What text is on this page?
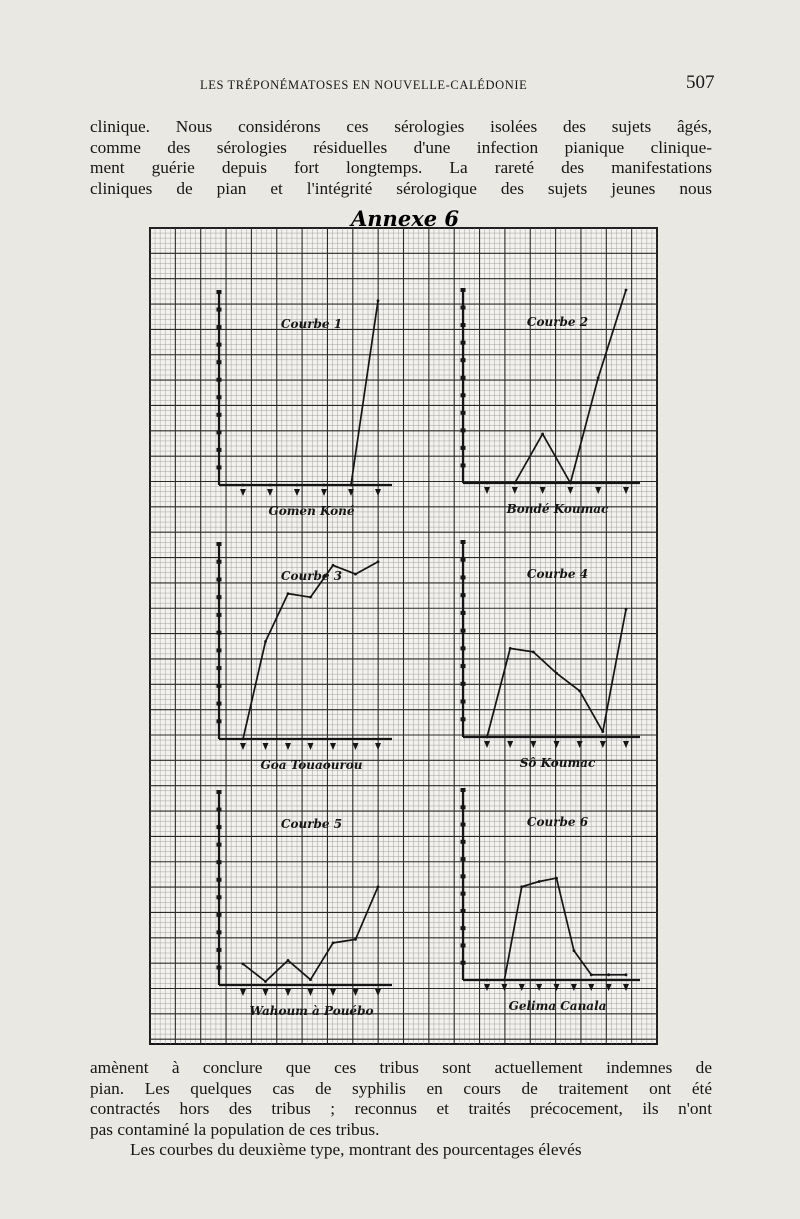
LES TRÉPONÉMATOSES EN NOUVELLE-CALÉDONIE	507

clinique. Nous considérons ces sérologies isolées des sujets âgés,
comme des sérologies résiduelles d'une infection pianique clinique-
ment guérie depuis fort longtemps. La rareté des manifestations
cliniques de pian et l'intégrité sérologique des sujets jeunes nous

Annexe 6
Courbe 1
Gomen Koné
Courbe 2
Bondé Koumac
Courbe 3
Goa Touaourou
Courbe 4
Sô Koumac
Courbe 5
Wahoum à Pouébo
Courbe 6
Gelima Canala

amènent à conclure que ces tribus sont actuellement indemnes de
pian. Les quelques cas de syphilis en cours de traitement ont été
contractés hors des tribus ; reconnus et traités précocement, ils n'ont
pas contaminé la population de ces tribus.
Les courbes du deuxième type, montrant des pourcentages élevés
